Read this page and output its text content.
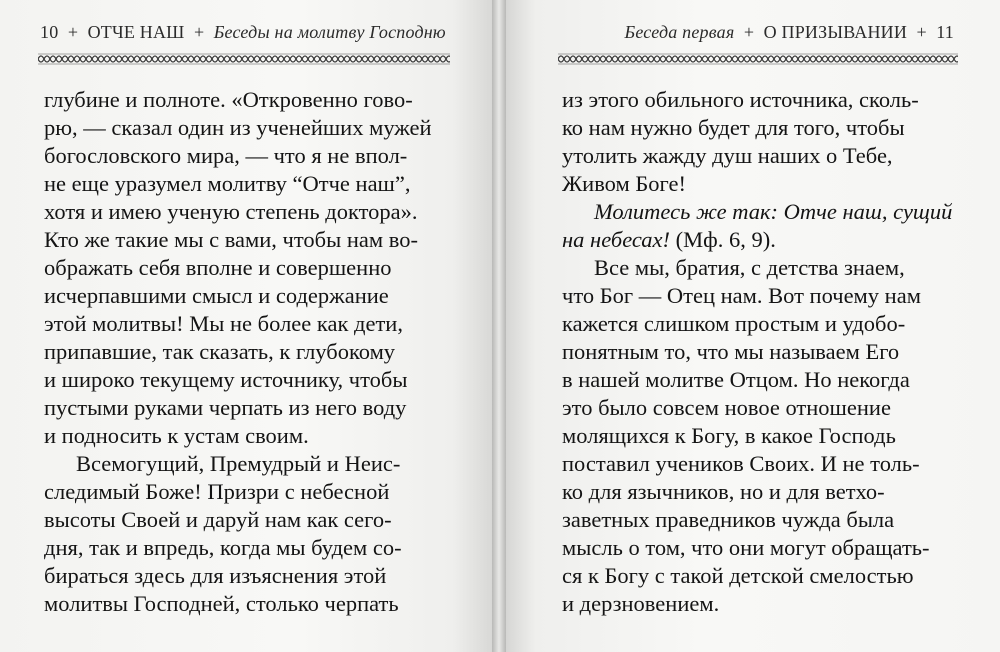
10 + ОТЧЕ НАШ + Беседы на молитву Господню
глубине и полноте. «Откровенно гово-
рю, — сказал один из ученейших мужей
богословского мира, — что я не впол-
не еще уразумел молитву “Отче наш”,
хотя и имею ученую степень доктора».
Кто же такие мы с вами, чтобы нам во-
ображать себя вполне и совершенно
исчерпавшими смысл и содержание
этой молитвы! Мы не более как дети,
припавшие, так сказать, к глубокому
и широко текущему источнику, чтобы
пустыми руками черпать из него воду
и подносить к устам своим.
Всемогущий, Премудрый и Неис-
следимый Боже! Призри с небесной
высоты Своей и даруй нам как сего-
дня, так и впредь, когда мы будем со-
бираться здесь для изъяснения этой
молитвы Господней, столько черпать
Беседа первая + О ПРИЗЫВАНИИ + 11
из этого обильного источника, сколь-
ко нам нужно будет для того, чтобы
утолить жажду душ наших о Тебе,
Живом Боге!
Молитесь же так: Отче наш, сущий
на небесах! (Мф. 6, 9).
Все мы, братия, с детства знаем,
что Бог — Отец нам. Вот почему нам
кажется слишком простым и удобо-
понятным то, что мы называем Его
в нашей молитве Отцом. Но некогда
это было совсем новое отношение
молящихся к Богу, в какое Господь
поставил учеников Своих. И не толь-
ко для язычников, но и для ветхо-
заветных праведников чужда была
мысль о том, что они могут обращать-
ся к Богу с такой детской смелостью
и дерзновением.
